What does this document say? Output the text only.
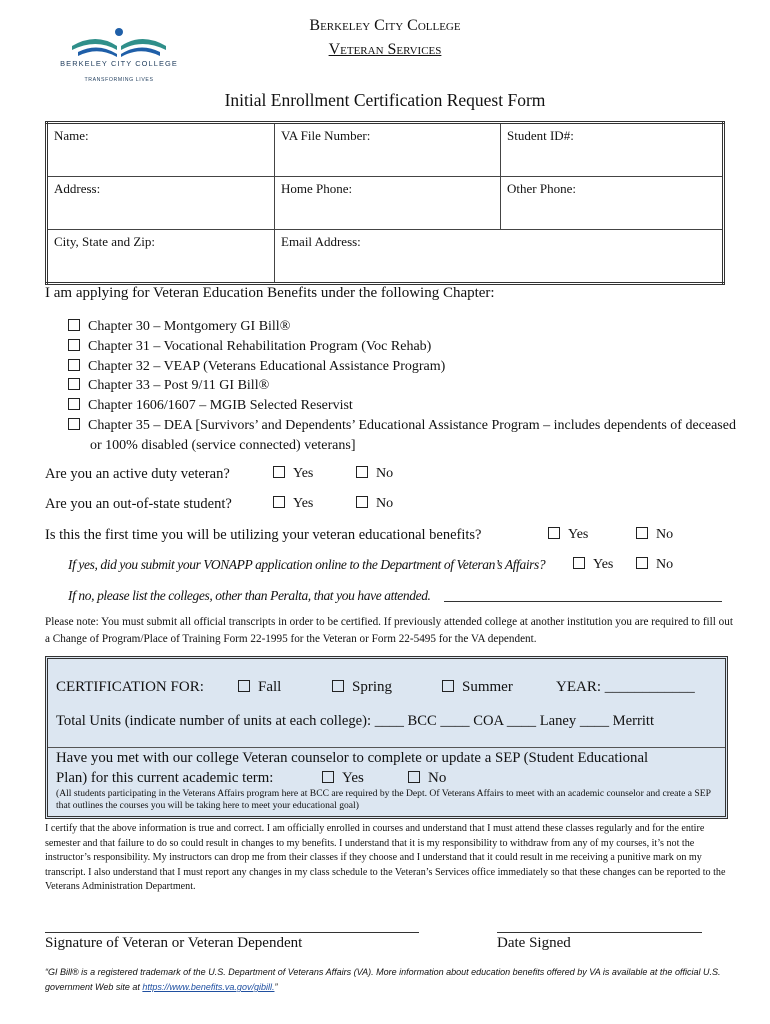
BERKELEY CITY COLLEGE
TRANSFORMING LIVES
Berkeley City College
Veteran Services
Initial Enrollment Certification Request Form
Name:	VA File Number:	Student ID#:
Address:	Home Phone:	Other Phone:
City, State and Zip:	Email Address:	
I am applying for Veteran Education Benefits under the following Chapter:
Chapter 30 – Montgomery GI Bill®
Chapter 31 – Vocational Rehabilitation Program (Voc Rehab)
Chapter 32 – VEAP (Veterans Educational Assistance Program)
Chapter 33 – Post 9/11 GI Bill®
Chapter 1606/1607 – MGIB Selected Reservist
Chapter 35 – DEA [Survivors’ and Dependents’ Educational Assistance Program – includes dependents of deceased or 100% disabled (service connected) veterans]
Are you an active duty veteran?	Yes	No
Are you an out-of-state student?	Yes	No
Is this the first time you will be utilizing your veteran educational benefits?	Yes	No
If yes, did you submit your VONAPP application online to the Department of Veteran’s Affairs?	Yes	No
If no, please list the colleges, other than Peralta, that you have attended.
Please note: You must submit all official transcripts in order to be certified. If previously attended college at another institution you are required to fill out a Change of Program/Place of Training Form 22-1995 for the Veteran or Form 22-5495 for the VA dependent.
CERTIFICATION FOR:	Fall	Spring	Summer	YEAR: ____________
Total Units (indicate number of units at each college): ____ BCC ____ COA ____ Laney ____ Merritt
Have you met with our college Veteran counselor to complete or update a SEP (Student Educational
Plan) for this current academic term:	Yes	No
(All students participating in the Veterans Affairs program here at BCC are required by the Dept. Of Veterans Affairs to meet with an academic counselor and create a SEP that outlines the courses you will be taking here to meet your educational goal)
I certify that the above information is true and correct. I am officially enrolled in courses and understand that I must attend these classes regularly and for the entire semester and that failure to do so could result in changes to my benefits. I understand that it is my responsibility to withdraw from any of my courses, it’s not the instructor’s responsibility. My instructors can drop me from their classes if they choose and I understand that it could result in me receiving a punitive mark on my transcript. I also understand that I must report any changes in my class schedule to the Veteran’s Services office immediately so that these changes can be reported to the Veterans Administration Department.
Signature of Veteran or Veteran Dependent	Date Signed
“GI Bill® is a registered trademark of the U.S. Department of Veterans Affairs (VA). More information about education benefits offered by VA is available at the official U.S. government Web site at https://www.benefits.va.gov/gibill.”
